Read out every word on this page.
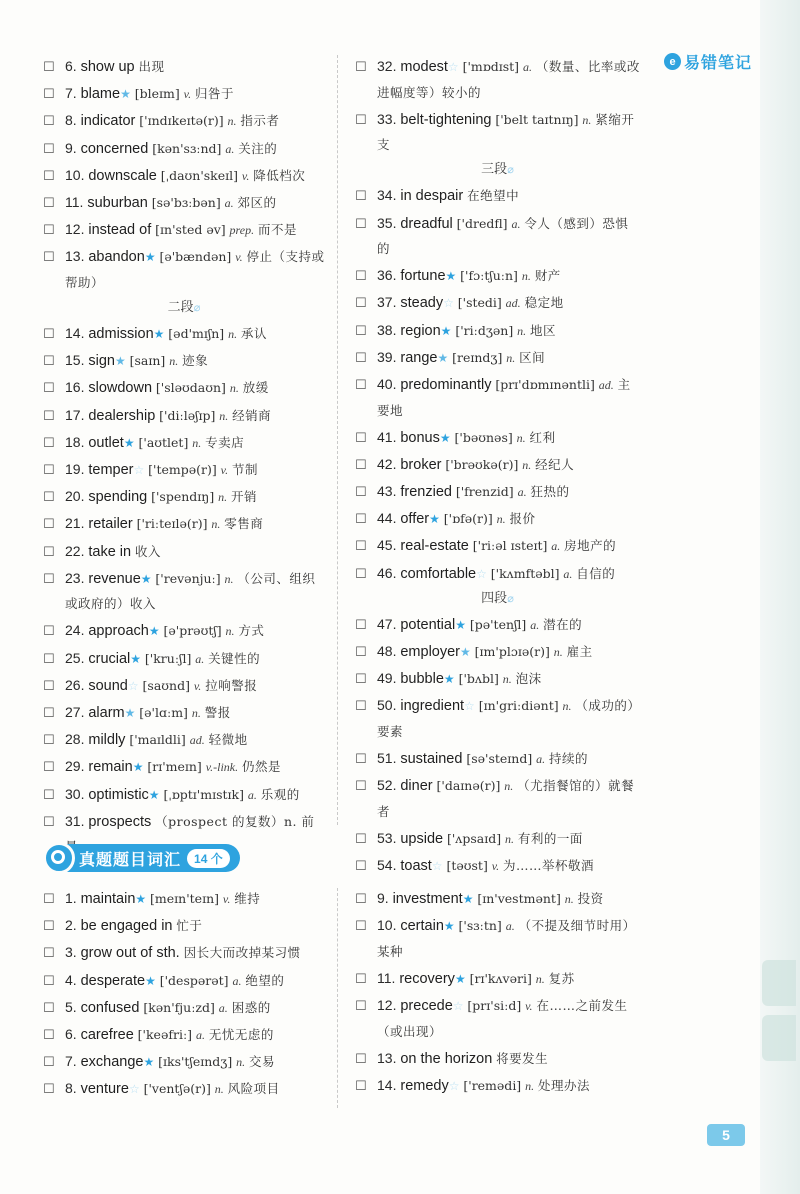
e 易错笔记
☐ 6. show up 出现
☐ 7. blame★ [bleɪm] v. 归咎于
☐ 8. indicator ['ɪndɪkeɪtə(r)] n. 指示者
☐ 9. concerned [kən'sɜːnd] a. 关注的
☐ 10. downscale [ˌdaʊn'skeɪl] v. 降低档次
☐ 11. suburban [sə'bɜːbən] a. 郊区的
☐ 12. instead of [ɪn'sted əv] prep. 而不是
☐ 13. abandon★ [ə'bændən] v. 停止（支持或帮助）
二段⌀
☐ 14. admission★ [əd'mɪʃn] n. 承认
☐ 15. sign★ [saɪn] n. 迹象
☐ 16. slowdown ['sləʊdaʊn] n. 放缓
☐ 17. dealership ['diːləʃɪp] n. 经销商
☐ 18. outlet★ ['aʊtlet] n. 专卖店
☐ 19. temper☆ ['tempə(r)] v. 节制
☐ 20. spending ['spendɪŋ] n. 开销
☐ 21. retailer ['riːteɪlə(r)] n. 零售商
☐ 22. take in 收入
☐ 23. revenue★ ['revənjuː] n. （公司、组织或政府的）收入
☐ 24. approach★ [ə'prəʊtʃ] n. 方式
☐ 25. crucial★ ['kruːʃl] a. 关键性的
☐ 26. sound☆ [saʊnd] v. 拉响警报
☐ 27. alarm★ [ə'lɑːm] n. 警报
☐ 28. mildly ['maɪldli] ad. 轻微地
☐ 29. remain★ [rɪ'meɪn] v.-link. 仍然是
☐ 30. optimistic★ [ˌɒptɪ'mɪstɪk] a. 乐观的
☐ 31. prospects （prospect 的复数）n. 前
☐ 32. modest☆ ['mɒdɪst] a. （数量、比率或改进幅度等）较小的
☐ 33. belt-tightening ['belt taɪtnɪŋ] n. 紧缩开支
三段⌀
☐ 34. in despair 在绝望中
☐ 35. dreadful ['dredfl] a. 令人（感到）恐惧的
☐ 36. fortune★ ['fɔːtʃuːn] n. 财产
☐ 37. steady☆ ['stedi] ad. 稳定地
☐ 38. region★ ['riːdʒən] n. 地区
☐ 39. range★ [reɪndʒ] n. 区间
☐ 40. predominantly [prɪ'dɒmɪnəntli] ad. 主要地
☐ 41. bonus★ ['bəʊnəs] n. 红利
☐ 42. broker ['brəʊkə(r)] n. 经纪人
☐ 43. frenzied ['frenzid] a. 狂热的
☐ 44. offer★ ['ɒfə(r)] n. 报价
☐ 45. real-estate ['riːəl ɪsteɪt] a. 房地产的
☐ 46. comfortable☆ ['kʌmftəbl] a. 自信的
四段⌀
☐ 47. potential★ [pə'tenʃl] a. 潜在的
☐ 48. employer★ [ɪm'plɔɪə(r)] n. 雇主
☐ 49. bubble★ ['bʌbl] n. 泡沫
☐ 50. ingredient☆ [ɪn'griːdiənt] n. （成功的）要素
☐ 51. sustained [sə'steɪnd] a. 持续的
☐ 52. diner ['daɪnə(r)] n. （尤指餐馆的）就餐者
☐ 53. upside ['ʌpsaɪd] n. 有利的一面
☐ 54. toast☆ [təʊst] v. 为……举杯敬酒
真题题目词汇	14 个
☐ 1. maintain★ [meɪn'teɪn] v. 维持
☐ 2. be engaged in 忙于
☐ 3. grow out of sth. 因长大而改掉某习惯
☐ 4. desperate★ ['despərət] a. 绝望的
☐ 5. confused [kən'fjuːzd] a. 困惑的
☐ 6. carefree ['keəfriː] a. 无忧无虑的
☐ 7. exchange★ [ɪks'tʃeɪndʒ] n. 交易
☐ 8. venture☆ ['ventʃə(r)] n. 风险项目
☐ 9. investment★ [ɪn'vestmənt] n. 投资
☐ 10. certain★ ['sɜːtn] a. （不提及细节时用）某种
☐ 11. recovery★ [rɪ'kʌvəri] n. 复苏
☐ 12. precede☆ [prɪ'siːd] v. 在……之前发生（或出现）
☐ 13. on the horizon 将要发生
☐ 14. remedy☆ ['remədi] n. 处理办法
5
